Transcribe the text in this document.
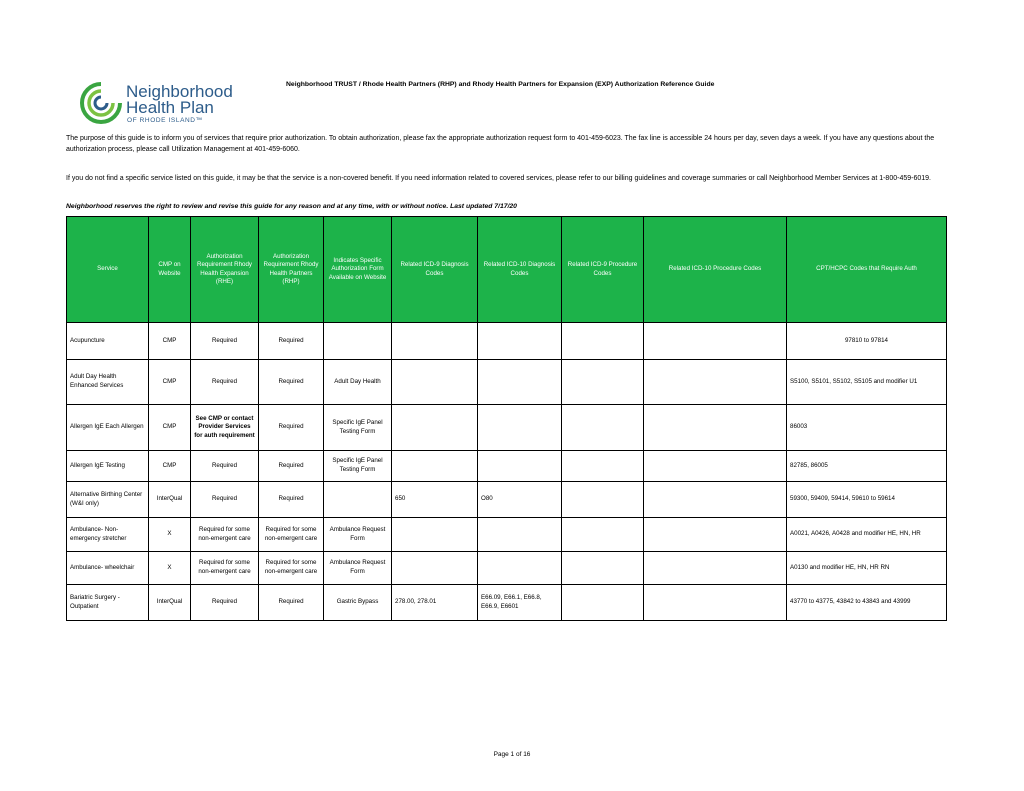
Neighborhood
Health Plan
OF RHODE ISLAND™
Neighborhood TRUST / Rhode Health Partners (RHP) and Rhody Health Partners for Expansion (EXP) Authorization Reference Guide
The purpose of this guide is to inform you of services that require prior authorization. To obtain authorization, please fax the appropriate authorization request form to 401-459-6023. The fax line is accessible 24 hours per day, seven days a week. If you have any questions about the authorization process, please call Utilization Management at 401-459-6060.
If you do not find a specific service listed on this guide, it may be that the service is a non-covered benefit. If you need information related to covered services, please refer to our billing guidelines and coverage summaries or call Neighborhood Member Services at 1-800-459-6019.
Neighborhood reserves the right to review and revise this guide for any reason and at any time, with or without notice. Last updated 7/17/20
Service	CMP on Website	Authorization Requirement Rhody Health Expansion (RHE)	Authorization Requirement Rhody Health Partners (RHP)	Indicates Specific Authorization Form Available on Website	Related ICD-9 Diagnosis Codes	Related ICD-10 Diagnosis Codes	Related ICD-9 Procedure Codes	Related ICD-10 Procedure Codes	CPT/HCPC Codes that Require Auth
Acupuncture	CMP	Required	Required						97810 to 97814
Adult Day Health Enhanced Services	CMP	Required	Required	Adult Day Health					S5100, S5101, S5102, S5105 and modifier U1
Allergen IgE Each Allergen	CMP	See CMP or contact Provider Services for auth requirement	Required	Specific IgE Panel Testing Form					86003
Allergen IgE Testing	CMP	Required	Required	Specific IgE Panel Testing Form					82785, 86005
Alternative Birthing Center (W&I only)	InterQual	Required	Required		650	O80			59300, 59409, 59414, 59610 to 59614
Ambulance- Non-emergency stretcher	X	Required for some non-emergent care	Required for some non-emergent care	Ambulance Request Form					A0021, A0426, A0428 and modifier HE, HN, HR
Ambulance- wheelchair	X	Required for some non-emergent care	Required for some non-emergent care	Ambulance Request Form					A0130 and modifier HE, HN, HR RN
Bariatric Surgery - Outpatient	InterQual	Required	Required	Gastric Bypass	278.00, 278.01	E66.09, E66.1, E66.8, E66.9, E6601			43770 to 43775, 43842 to 43843 and 43999
Page 1 of 16
